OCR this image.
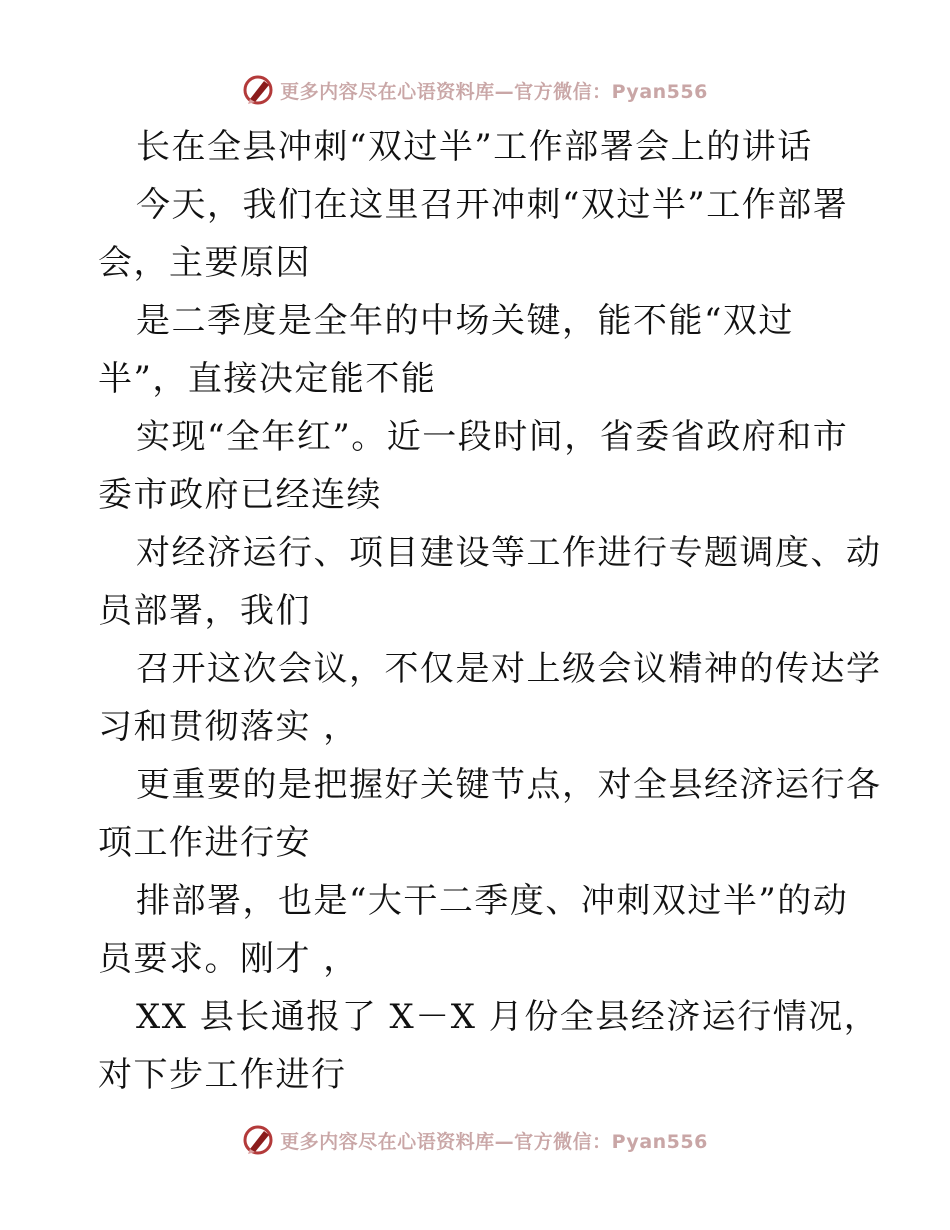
更多内容尽在心语资料库—官方微信：Pyan556
长在全县冲刺“双过半”工作部署会上的讲话
今天，我们在这里召开冲刺“双过半”工作部署
会，主要原因
是二季度是全年的中场关键，能不能“双过
半”，直接决定能不能
实现“全年红”。近一段时间，省委省政府和市
委市政府已经连续
对经济运行、项目建设等工作进行专题调度、动
员部署，我们
召开这次会议，不仅是对上级会议精神的传达学
习和贯彻落实 ，
更重要的是把握好关键节点，对全县经济运行各
项工作进行安
排部署，也是“大干二季度、冲刺双过半”的动
员要求。刚才 ，
XX 县长通报了 X－X 月份全县经济运行情况，
对下步工作进行
更多内容尽在心语资料库—官方微信：Pyan556
